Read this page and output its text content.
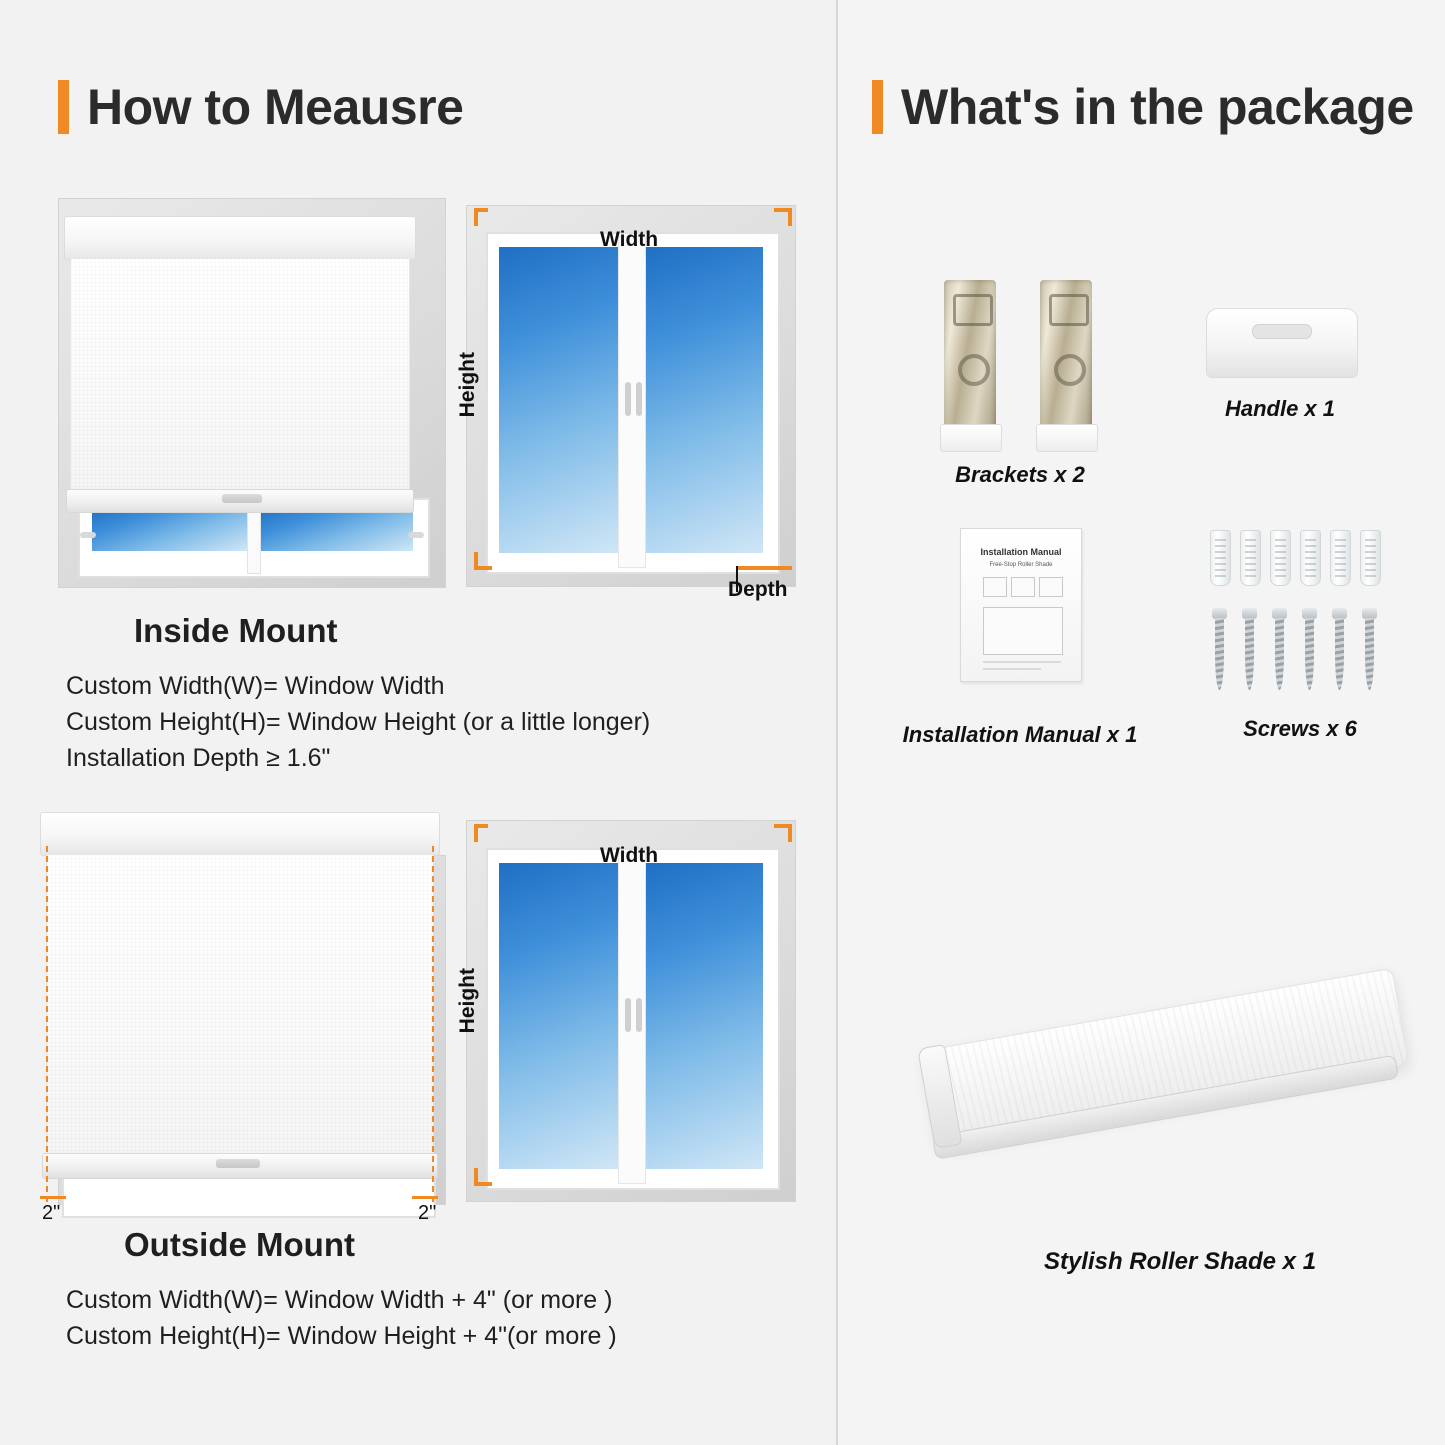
How to Meausre	What's in the package
Width
Height
Depth
Inside Mount
Custom Width(W)= Window Width
Custom Height(H)= Window Height (or a little longer)
Installation Depth ≥ 1.6"
2"	2"
Width
Height
Outside Mount
Custom Width(W)= Window Width + 4" (or more )
Custom Height(H)= Window Height + 4"(or more )
Brackets x 2
Handle x 1
Installation Manual
Free-Stop Roller Shade
Installation Manual x 1	Screws x 6
Stylish Roller Shade x 1
